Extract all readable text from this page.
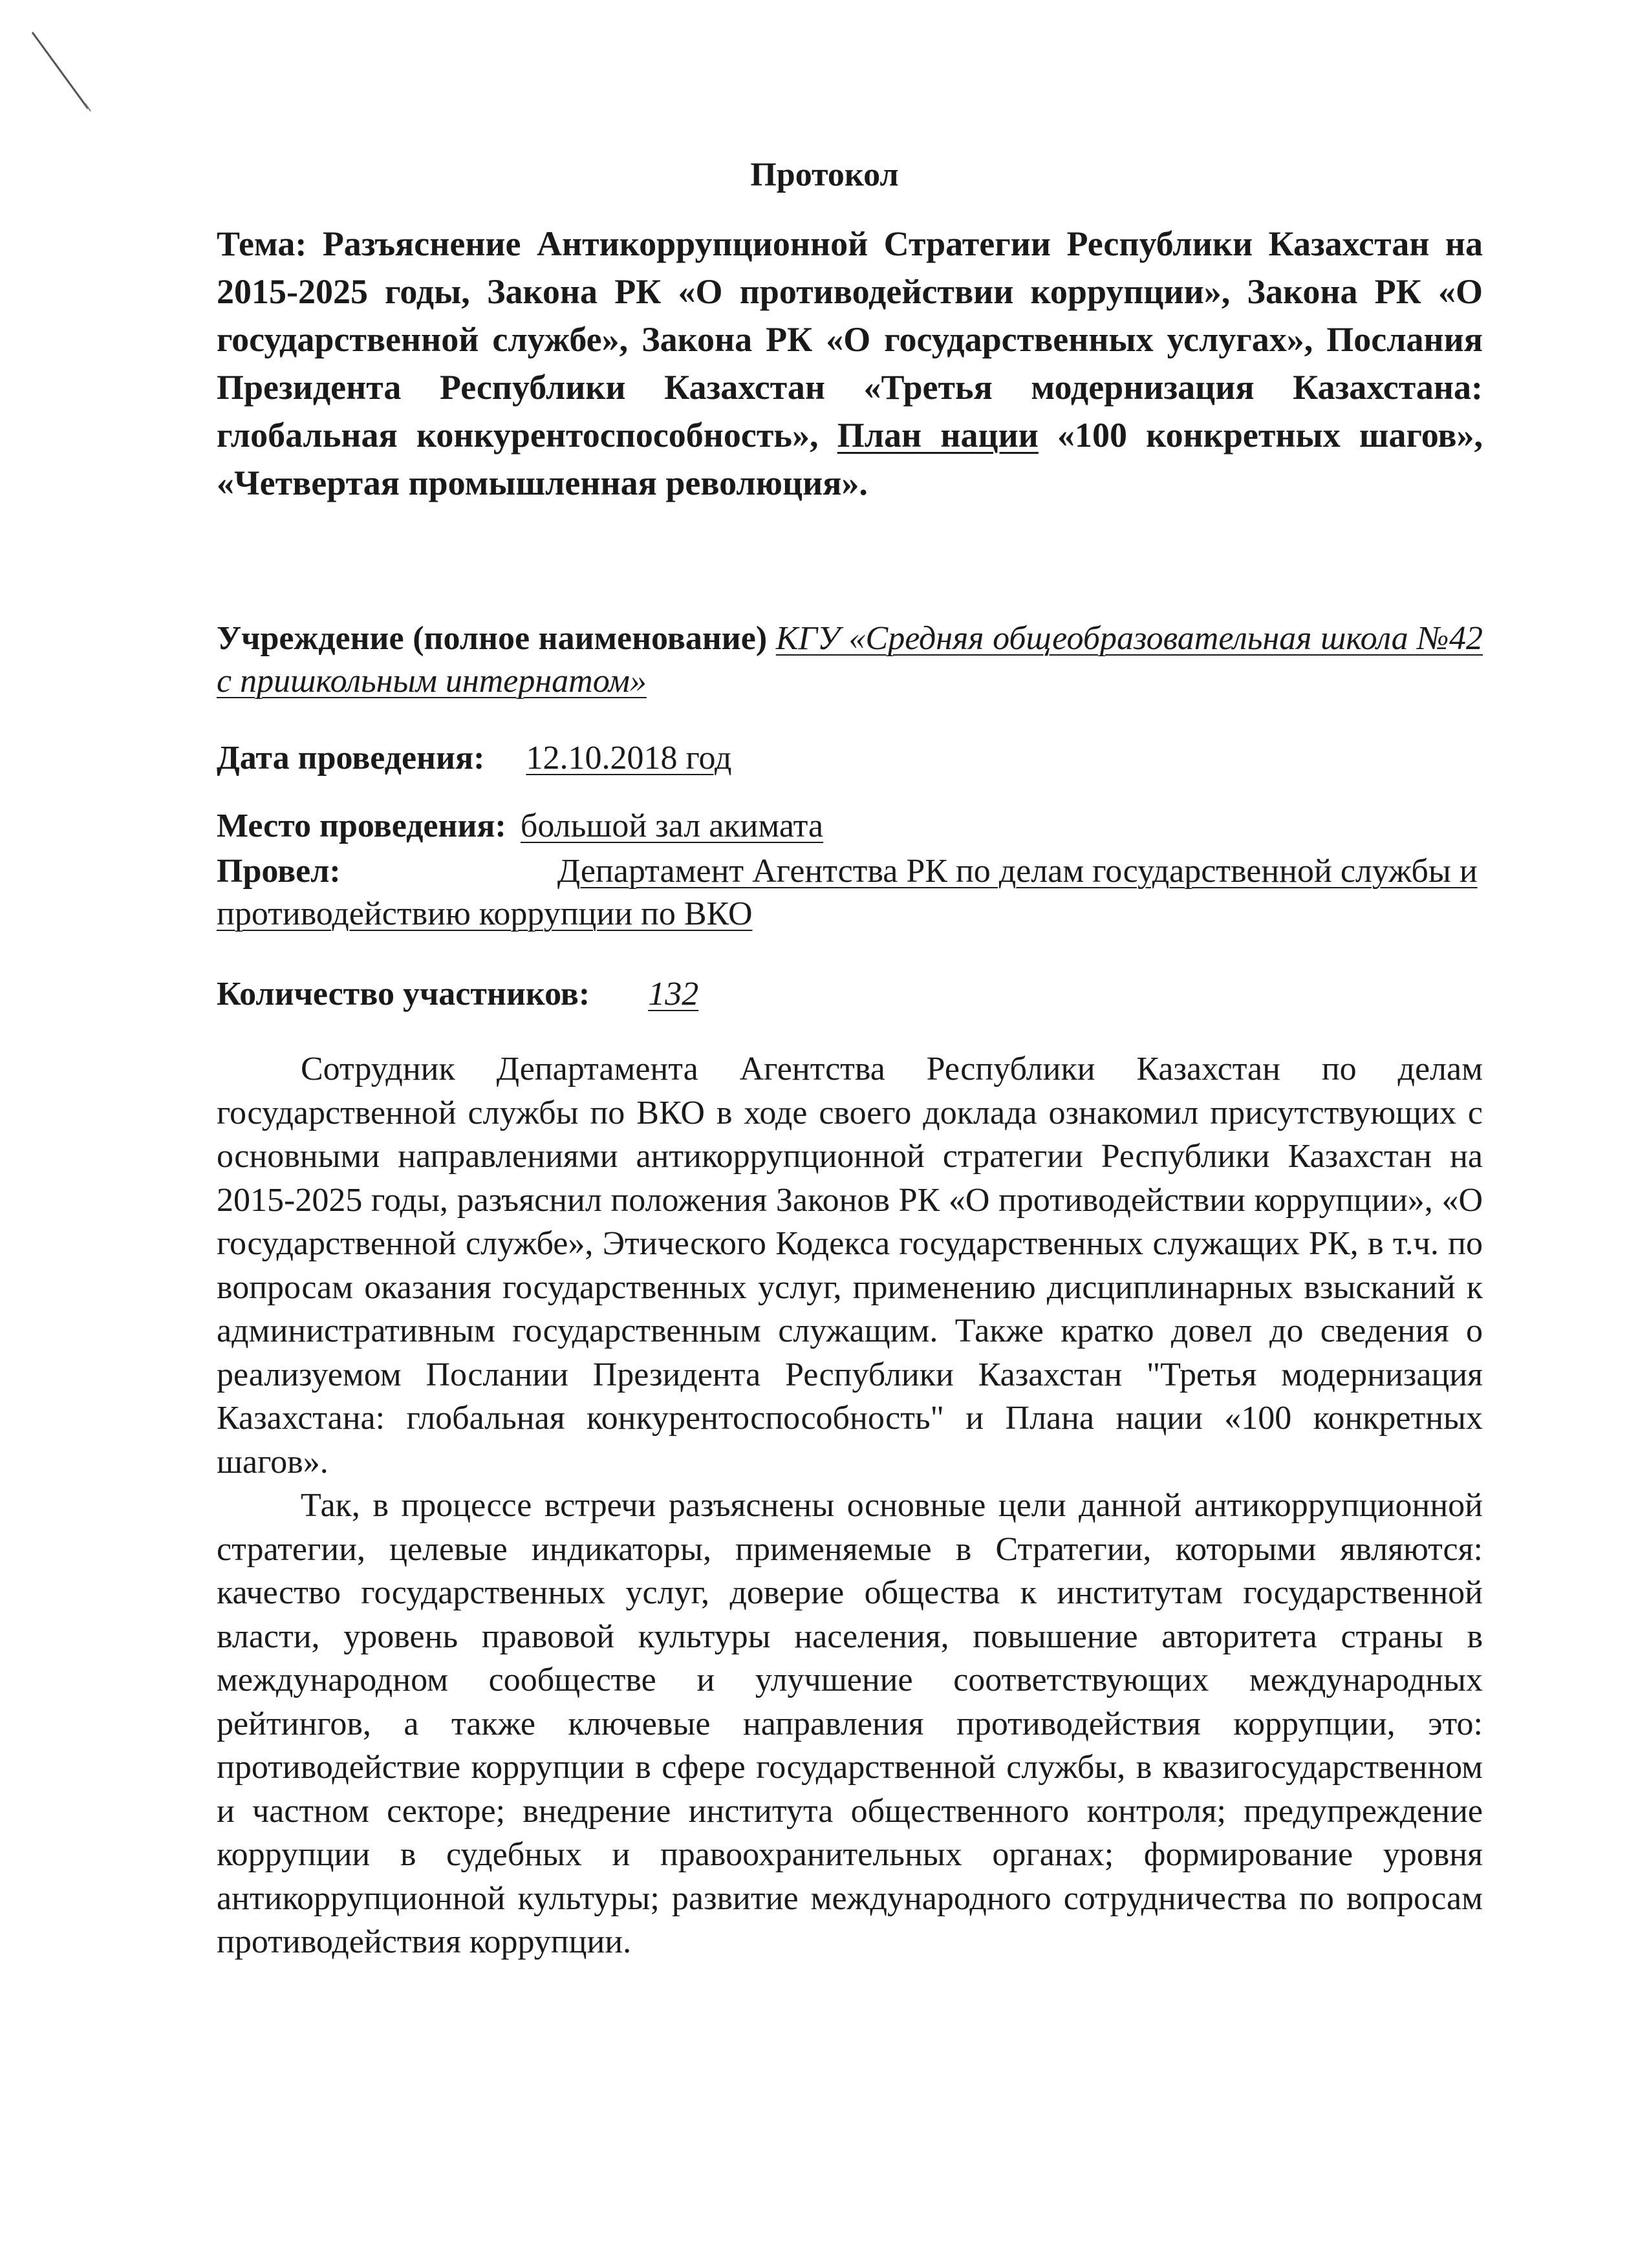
Протокол
Тема: Разъяснение Антикоррупционной Стратегии Республики Казахстан на 2015-2025 годы, Закона РК «О противодействии коррупции», Закона РК «О государственной службе», Закона РК «О государственных услугах», Послания Президента Республики Казахстан «Третья модернизация Казахстана: глобальная конкурентоспособность», План нации «100 конкретных шагов», «Четвертая промышленная революция».
Учреждение (полное наименование) КГУ «Средняя общеобразовательная школа №42 с пришкольным интернатом»
Дата проведения: 12.10.2018 год
Место проведения: большой зал акимата
Провел:	Департамент Агентства РК по делам государственной службы и противодействию коррупции по ВКО
Количество участников: 132

Сотрудник Департамента Агентства Республики Казахстан по делам государственной службы по ВКО в ходе своего доклада ознакомил присутствующих с основными направлениями антикоррупционной стратегии Республики Казахстан на 2015-2025 годы, разъяснил положения Законов РК «О противодействии коррупции», «О государственной службе», Этического Кодекса государственных служащих РК, в т.ч. по вопросам оказания государственных услуг, применению дисциплинарных взысканий к административным государственным служащим. Также кратко довел до сведения о реализуемом Послании Президента Республики Казахстан "Третья модернизация Казахстана: глобальная конкурентоспособность" и Плана нации «100 конкретных шагов».

Так, в процессе встречи разъяснены основные цели данной антикоррупционной стратегии, целевые индикаторы, применяемые в Стратегии, которыми являются: качество государственных услуг, доверие общества к институтам государственной власти, уровень правовой культуры населения, повышение авторитета страны в международном сообществе и улучшение соответствующих международных рейтингов, а также ключевые направления противодействия коррупции, это: противодействие коррупции в сфере государственной службы, в квазигосударственном и частном секторе; внедрение института общественного контроля; предупреждение коррупции в судебных и правоохранительных органах; формирование уровня антикоррупционной культуры; развитие международного сотрудничества по вопросам противодействия коррупции.
